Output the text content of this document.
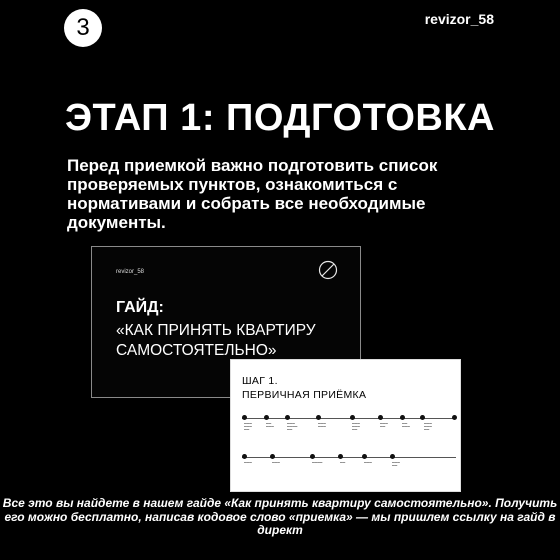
3	revizor_58
ЭТАП 1: ПОДГОТОВКА
Перед приемкой важно подготовить список проверяемых пунктов, ознакомиться с нормативами и собрать все необходимые документы.
revizor_58
ГАЙД:
«КАК ПРИНЯТЬ КВАРТИРУ САМОСТОЯТЕЛЬНО»
ШАГ 1.
ПЕРВИЧНАЯ ПРИЁМКА
▬▬▬
▬▬▬
▬▬
▬▬
▬▬▬
▬▬▬
▬▬▬▬
▬▬
▬▬▬
▬▬▬
▬▬▬
▬▬▬
▬▬
▬▬▬
▬▬
▬▬
▬▬▬
▬▬▬
▬▬▬
▬▬
▬▬▬	▬▬▬	▬▬▬▬	▬▬	▬▬▬	▬▬▬
▬▬
Все это вы найдете в нашем гайде «Как принять квартиру самостоятельно». Получить его можно бесплатно, написав кодовое слово «приемка» — мы пришлем ссылку на гайд в директ
